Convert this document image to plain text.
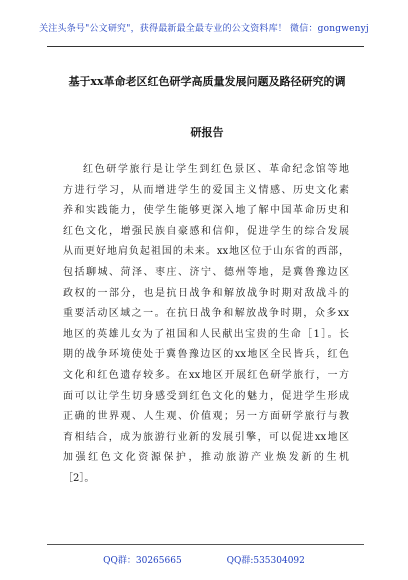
关注头条号"公文研究"，获得最新最全最专业的公文资料库！ 微信：gongwenyj
基于xx革命老区红色研学高质量发展问题及路径研究的调
研报告
红色研学旅行是让学生到红色景区、革命纪念馆等地
方进行学习，从而增进学生的爱国主义情感、历史文化素
养和实践能力，使学生能够更深入地了解中国革命历史和
红色文化，增强民族自豪感和信仰，促进学生的综合发展
从而更好地肩负起祖国的未来。xx地区位于山东省的西部，
包括聊城、菏泽、枣庄、济宁、德州等地，是冀鲁豫边区
政权的一部分，也是抗日战争和解放战争时期对敌战斗的
重要活动区域之一。在抗日战争和解放战争时期，众多xx
地区的英雄儿女为了祖国和人民献出宝贵的生命［1］。长
期的战争环境使处于冀鲁豫边区的xx地区全民皆兵，红色
文化和红色遗存较多。在xx地区开展红色研学旅行，一方
面可以让学生切身感受到红色文化的魅力，促进学生形成
正确的世界观、人生观、价值观；另一方面研学旅行与教
育相结合，成为旅游行业新的发展引擎，可以促进xx地区
加强红色文化资源保护，推动旅游产业焕发新的生机
［2］。
QQ群：30265665	QQ群:535304092
